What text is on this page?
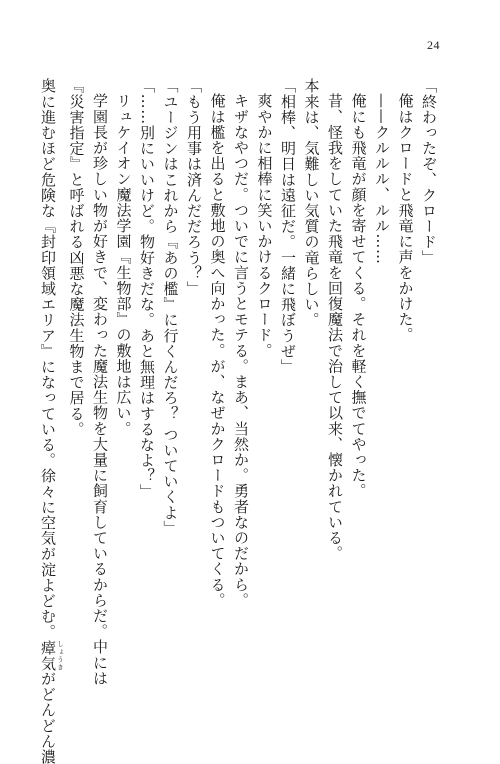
24
「終わったぞ、クロード」
俺はクロードと飛竜に声をかけた。
——クルルル、ルル……
俺にも飛竜が顔を寄せてくる。それを軽く撫でてやった。
昔、怪我をしていた飛竜を回復魔法で治して以来、懐かれている。
本来は、気難しい気質の竜らしい。
「相棒、明日は遠征だ。一緒に飛ぼうぜ」
爽やかに相棒に笑いかけるクロード。
キザなやつだ。ついでに言うとモテる。まあ、当然か。勇者なのだから。
俺は檻を出ると敷地の奥へ向かった。が、なぜかクロードもついてくる。
「もう用事は済んだだろう？」
「ユージンはこれから『あの檻』に行くんだろ？ ついていくよ」
「……別にいいけど。物好きだな。あと無理はするなよ？」
リュケイオン魔法学園『生物部』の敷地は広い。
学園長が珍しい物が好きで、変わった魔法生物を大量に飼育しているからだ。中には
『災害指定』と呼ばれる凶悪な魔法生物まで居る。
奥に進むほど危険な『封印領域エリア』になっている。徐々に空気が淀よどむ。瘴気 しょうきがどんどん濃
